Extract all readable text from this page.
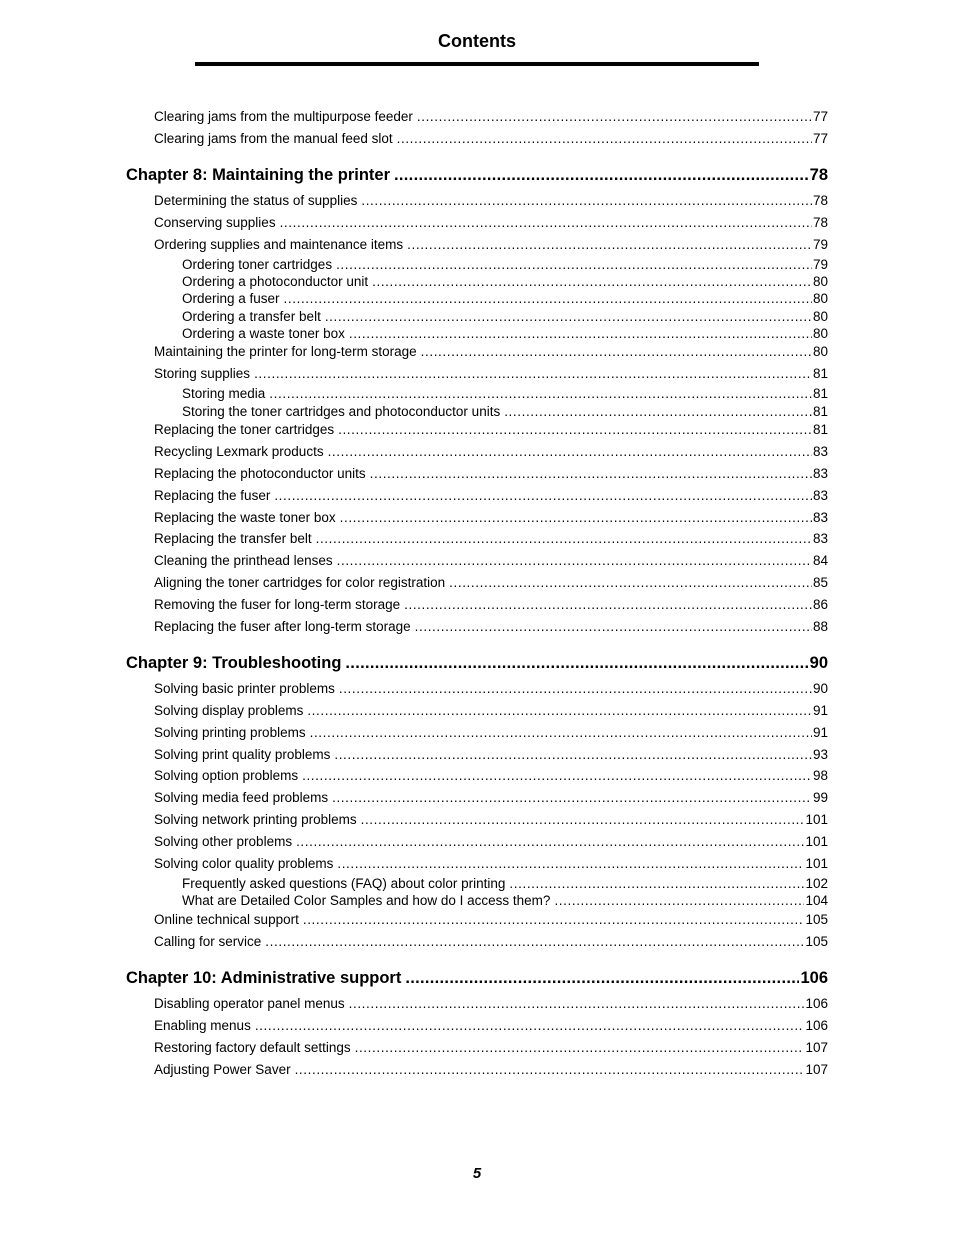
Contents
Clearing jams from the multipurpose feeder .....	77
Clearing jams from the manual feed slot .....	77
Chapter 8: Maintaining the printer .....	78
Determining the status of supplies .....	78
Conserving supplies .....	78
Ordering supplies and maintenance items .....	79
Ordering toner cartridges .....	79
Ordering a photoconductor unit .....	80
Ordering a fuser .....	80
Ordering a transfer belt .....	80
Ordering a waste toner box .....	80
Maintaining the printer for long-term storage .....	80
Storing supplies .....	81
Storing media .....	81
Storing the toner cartridges and photoconductor units .....	81
Replacing the toner cartridges .....	81
Recycling Lexmark products .....	83
Replacing the photoconductor units .....	83
Replacing the fuser .....	83
Replacing the waste toner box .....	83
Replacing the transfer belt .....	83
Cleaning the printhead lenses .....	84
Aligning the toner cartridges for color registration .....	85
Removing the fuser for long-term storage .....	86
Replacing the fuser after long-term storage .....	88
Chapter 9: Troubleshooting .....	90
Solving basic printer problems .....	90
Solving display problems .....	91
Solving printing problems .....	91
Solving print quality problems .....	93
Solving option problems .....	98
Solving media feed problems .....	99
Solving network printing problems .....	101
Solving other problems .....	101
Solving color quality problems .....	101
Frequently asked questions (FAQ) about color printing .....	102
What are Detailed Color Samples and how do I access them? .....	104
Online technical support .....	105
Calling for service .....	105
Chapter 10: Administrative support .....	106
Disabling operator panel menus .....	106
Enabling menus .....	106
Restoring factory default settings .....	107
Adjusting Power Saver .....	107
5
